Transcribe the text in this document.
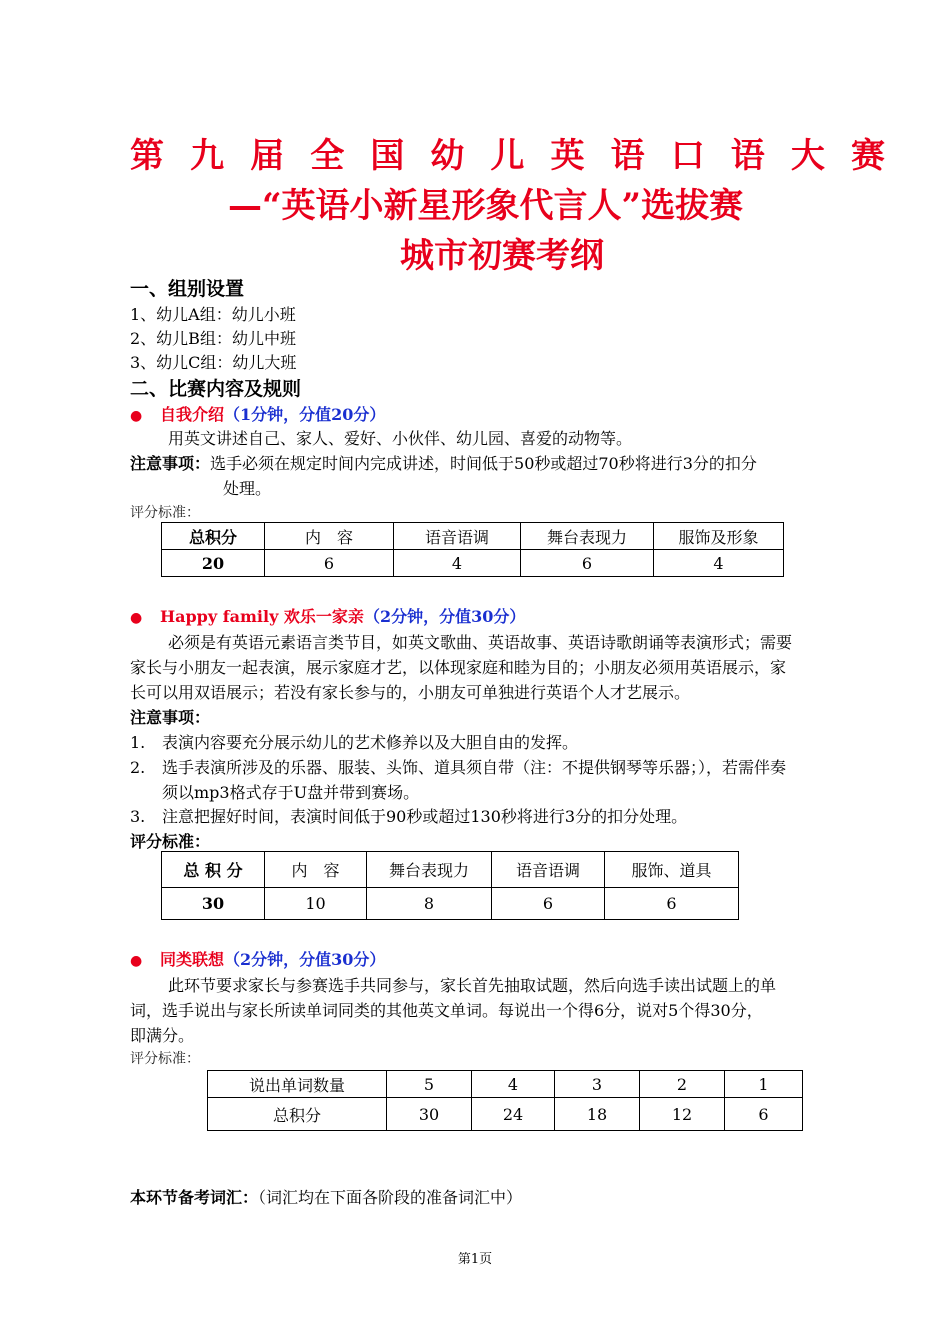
第 九 届 全 国 幼 儿 英 语 口 语 大 赛
—“英语小新星形象代言人”选拔赛
城市初赛考纲
一、组别设置
1、幼儿A组：幼儿小班
2、幼儿B组：幼儿中班
3、幼儿C组：幼儿大班
二、比赛内容及规则
● 自我介绍（1分钟，分值20分）
用英文讲述自己、家人、爱好、小伙伴、幼儿园、喜爱的动物等。
注意事项：选手必须在规定时间内完成讲述，时间低于50秒或超过70秒将进行3分的扣分
处理。
评分标准：
总积分	内　容	语音语调	舞台表现力	服饰及形象
20	6	4	6	4
● Happy family 欢乐一家亲（2分钟，分值30分）
必须是有英语元素语言类节目，如英文歌曲、英语故事、英语诗歌朗诵等表演形式；需要
家长与小朋友一起表演，展示家庭才艺，以体现家庭和睦为目的；小朋友必须用英语展示，家
长可以用双语展示；若没有家长参与的，小朋友可单独进行英语个人才艺展示。
注意事项：
1. 表演内容要充分展示幼儿的艺术修养以及大胆自由的发挥。
2. 选手表演所涉及的乐器、服装、头饰、道具须自带（注：不提供钢琴等乐器；），若需伴奏
须以mp3格式存于U盘并带到赛场。
3. 注意把握好时间，表演时间低于90秒或超过130秒将进行3分的扣分处理。
评分标准：
总 积 分	内　容	舞台表现力	语音语调	服饰、道具
30	10	8	6	6
● 同类联想（2分钟，分值30分）
此环节要求家长与参赛选手共同参与，家长首先抽取试题，然后向选手读出试题上的单
词，选手说出与家长所读单词同类的其他英文单词。每说出一个得6分，说对5个得30分，
即满分。
评分标准：
说出单词数量	5	4	3	2	1
总积分	30	24	18	12	6
本环节备考词汇：（词汇均在下面各阶段的准备词汇中）
第1页
